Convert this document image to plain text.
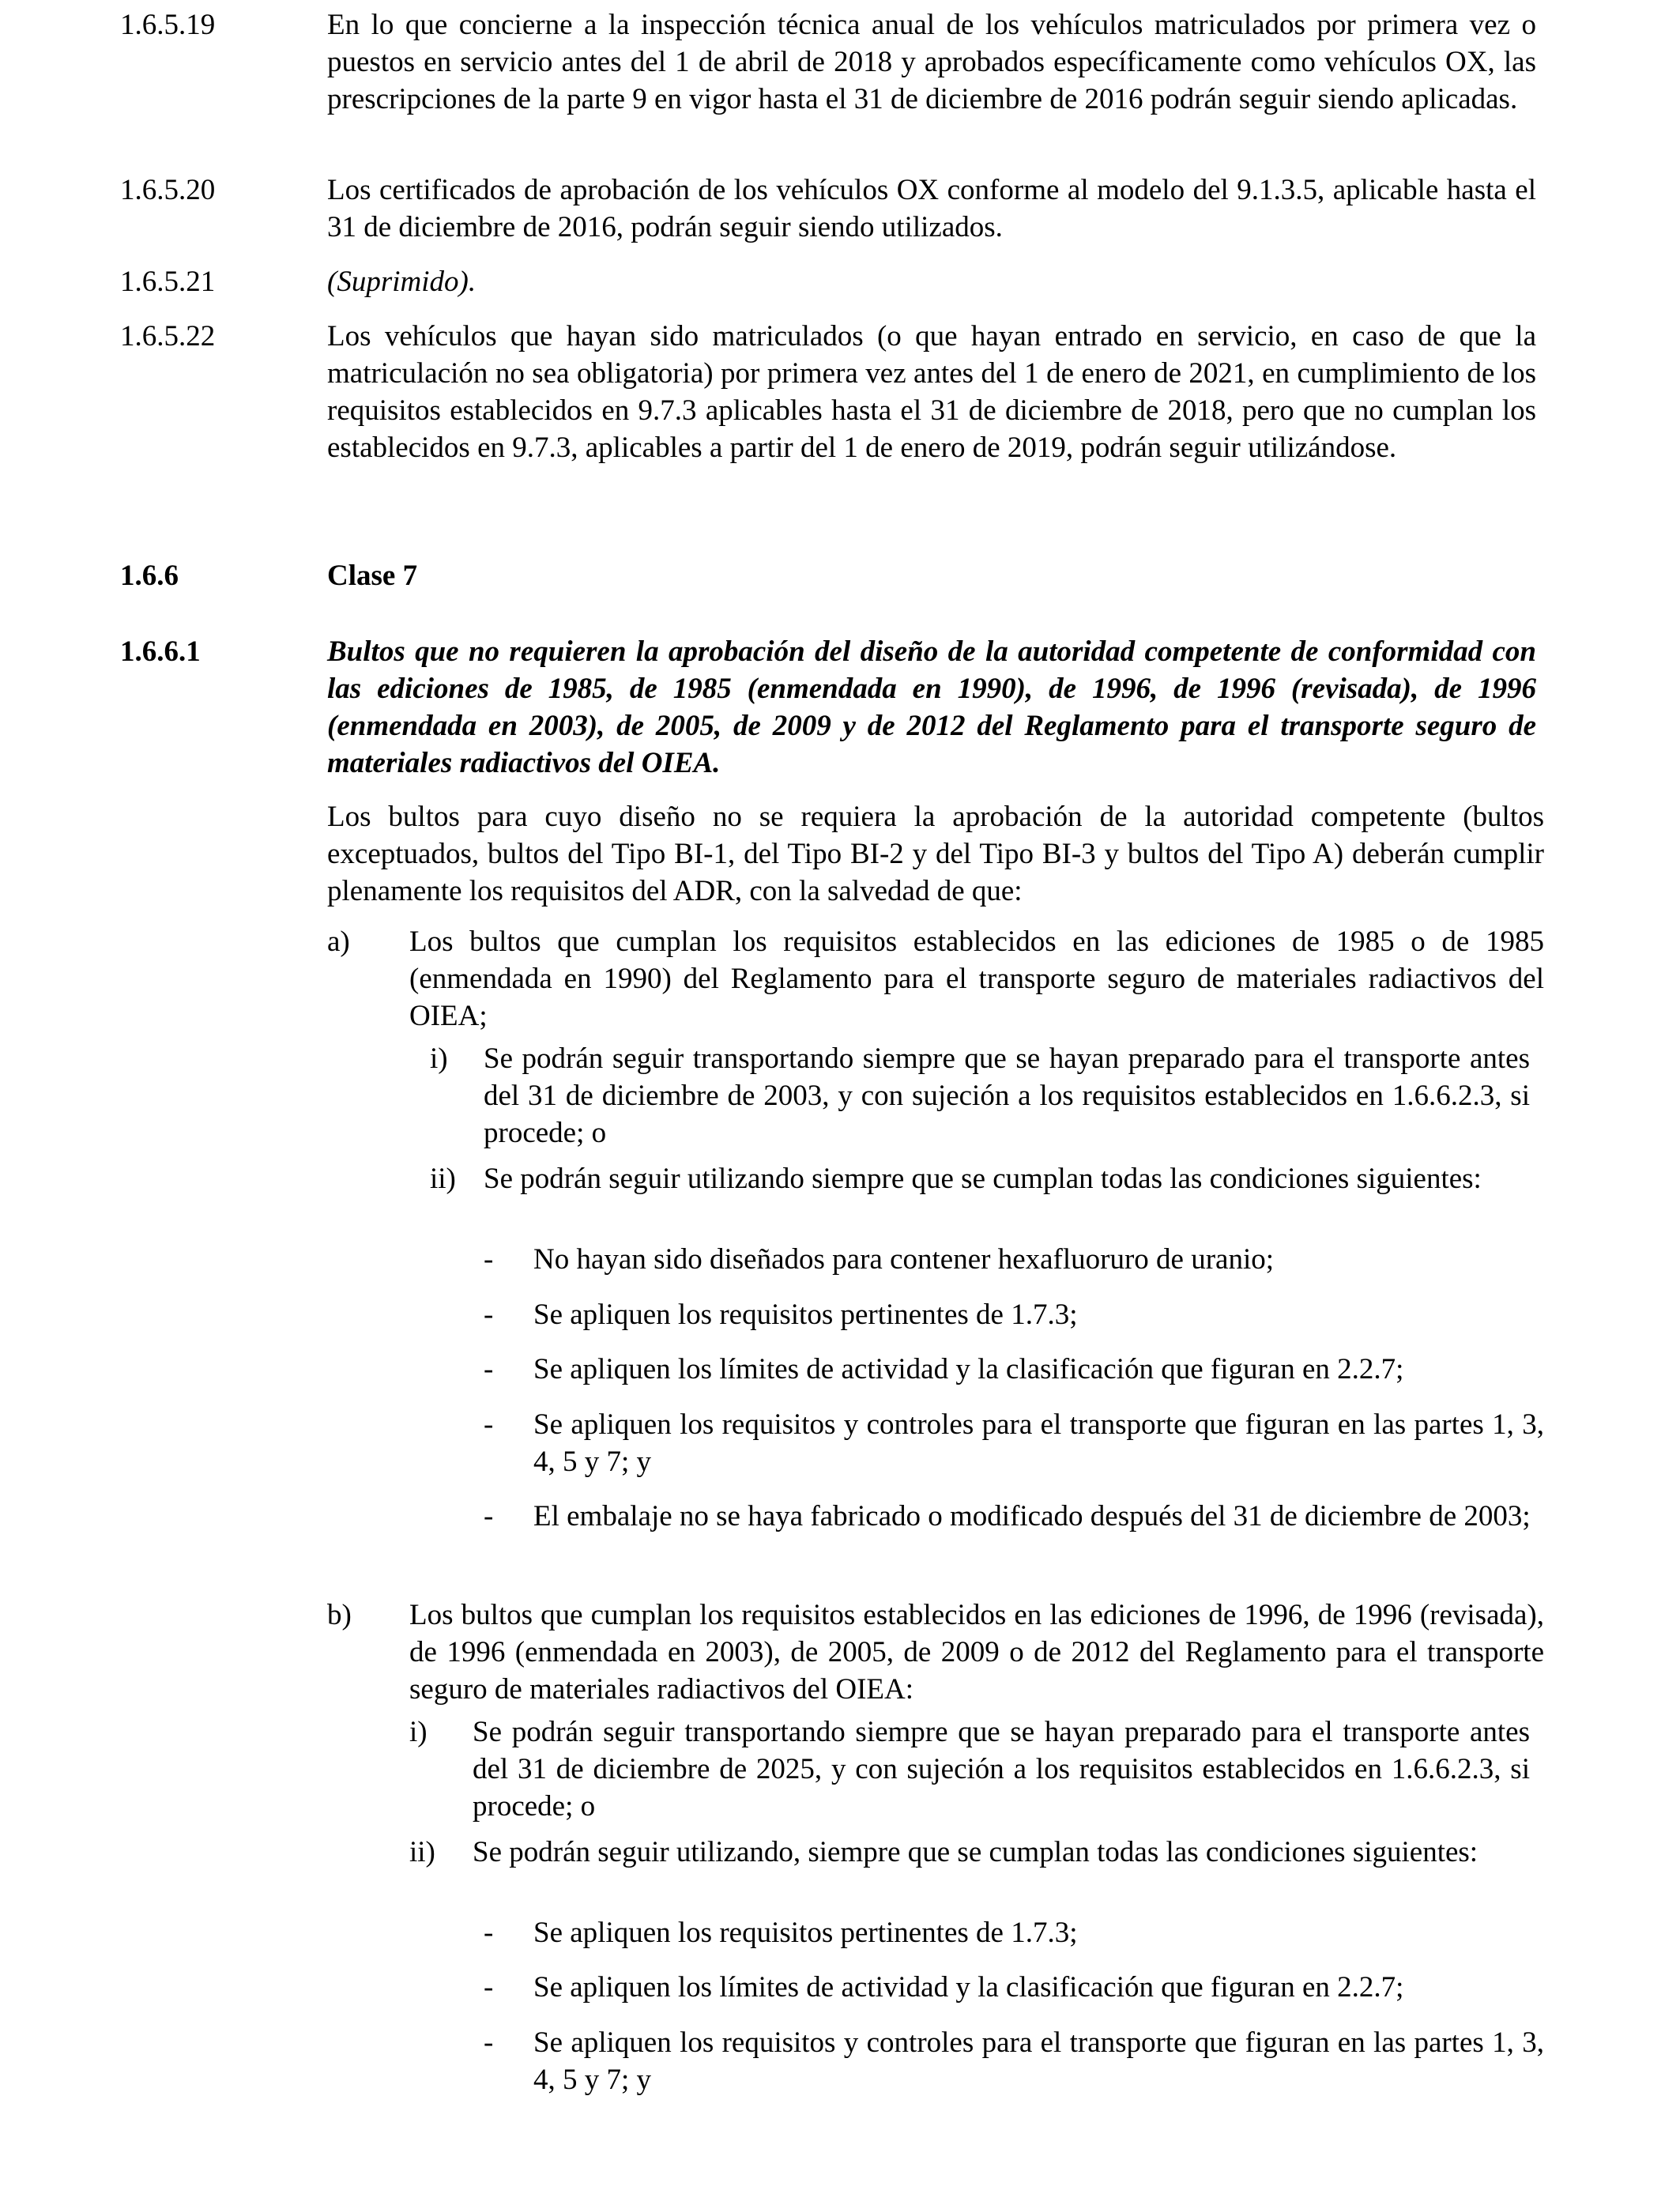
1.6.5.19	En lo que concierne a la inspección técnica anual de los vehículos matriculados por primera vez o puestos en servicio antes del 1 de abril de 2018 y aprobados específicamente como vehículos OX, las prescripciones de la parte 9 en vigor hasta el 31 de diciembre de 2016 podrán seguir siendo aplicadas.
1.6.5.20	Los certificados de aprobación de los vehículos OX conforme al modelo del 9.1.3.5, aplicable hasta el 31 de diciembre de 2016, podrán seguir siendo utilizados.
1.6.5.21	(Suprimido).
1.6.5.22	Los vehículos que hayan sido matriculados (o que hayan entrado en servicio, en caso de que la matriculación no sea obligatoria) por primera vez antes del 1 de enero de 2021, en cumplimiento de los requisitos establecidos en 9.7.3 aplicables hasta el 31 de diciembre de 2018, pero que no cumplan los establecidos en 9.7.3, aplicables a partir del 1 de enero de 2019, podrán seguir utilizándose.
1.6.6	Clase 7
1.6.6.1	Bultos que no requieren la aprobación del diseño de la autoridad competente de conformidad con las ediciones de 1985, de 1985 (enmendada en 1990), de 1996, de 1996 (revisada), de 1996 (enmendada en 2003), de 2005, de 2009 y de 2012 del Reglamento para el transporte seguro de materiales radiactivos del OIEA.
Los bultos para cuyo diseño no se requiera la aprobación de la autoridad competente (bultos exceptuados, bultos del Tipo BI-1, del Tipo BI-2 y del Tipo BI-3 y bultos del Tipo A) deberán cumplir plenamente los requisitos del ADR, con la salvedad de que:
a) Los bultos que cumplan los requisitos establecidos en las ediciones de 1985 o de 1985 (enmendada en 1990) del Reglamento para el transporte seguro de materiales radiactivos del OIEA;
i) Se podrán seguir transportando siempre que se hayan preparado para el transporte antes del 31 de diciembre de 2003, y con sujeción a los requisitos establecidos en 1.6.6.2.3, si procede; o
ii) Se podrán seguir utilizando siempre que se cumplan todas las condiciones siguientes:
- No hayan sido diseñados para contener hexafluoruro de uranio;
- Se apliquen los requisitos pertinentes de 1.7.3;
- Se apliquen los límites de actividad y la clasificación que figuran en 2.2.7;
- Se apliquen los requisitos y controles para el transporte que figuran en las partes 1, 3, 4, 5 y 7; y
- El embalaje no se haya fabricado o modificado después del 31 de diciembre de 2003;
b) Los bultos que cumplan los requisitos establecidos en las ediciones de 1996, de 1996 (revisada), de 1996 (enmendada en 2003), de 2005, de 2009 o de 2012 del Reglamento para el transporte seguro de materiales radiactivos del OIEA:
i) Se podrán seguir transportando siempre que se hayan preparado para el transporte antes del 31 de diciembre de 2025, y con sujeción a los requisitos establecidos en 1.6.6.2.3, si procede; o
ii) Se podrán seguir utilizando, siempre que se cumplan todas las condiciones siguientes:
- Se apliquen los requisitos pertinentes de 1.7.3;
- Se apliquen los límites de actividad y la clasificación que figuran en 2.2.7;
- Se apliquen los requisitos y controles para el transporte que figuran en las partes 1, 3, 4, 5 y 7; y
